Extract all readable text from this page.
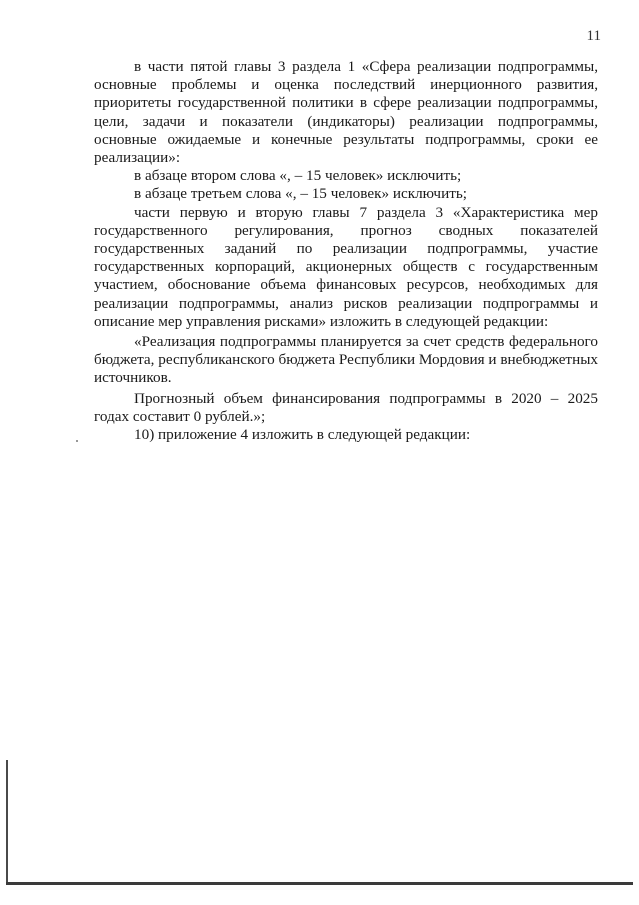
11

в части пятой главы 3 раздела 1 «Сфера реализации подпрограммы, основные проблемы и оценка последствий инерционного развития, приоритеты государственной политики в сфере реализации подпрограммы, цели, задачи и показатели (индикаторы) реализации подпрограммы, основные ожидаемые и конечные результаты подпрограммы, сроки ее реализации»:

в абзаце втором слова «, – 15 человек» исключить;

в абзаце третьем слова «, – 15 человек» исключить;

части первую и вторую главы 7 раздела 3 «Характеристика мер государственного регулирования, прогноз сводных показателей государственных заданий по реализации подпрограммы, участие государственных корпораций, акционерных обществ с государственным участием, обоснование объема финансовых ресурсов, необходимых для реализации подпрограммы, анализ рисков реализации подпрограммы и описание мер управления рисками» изложить в следующей редакции:

«Реализация подпрограммы планируется за счет средств федерального бюджета, республиканского бюджета Республики Мордовия и внебюджетных источников.

Прогнозный объем финансирования подпрограммы в 2020 – 2025 годах составит 0 рублей.»;

10) приложение 4 изложить в следующей редакции:
